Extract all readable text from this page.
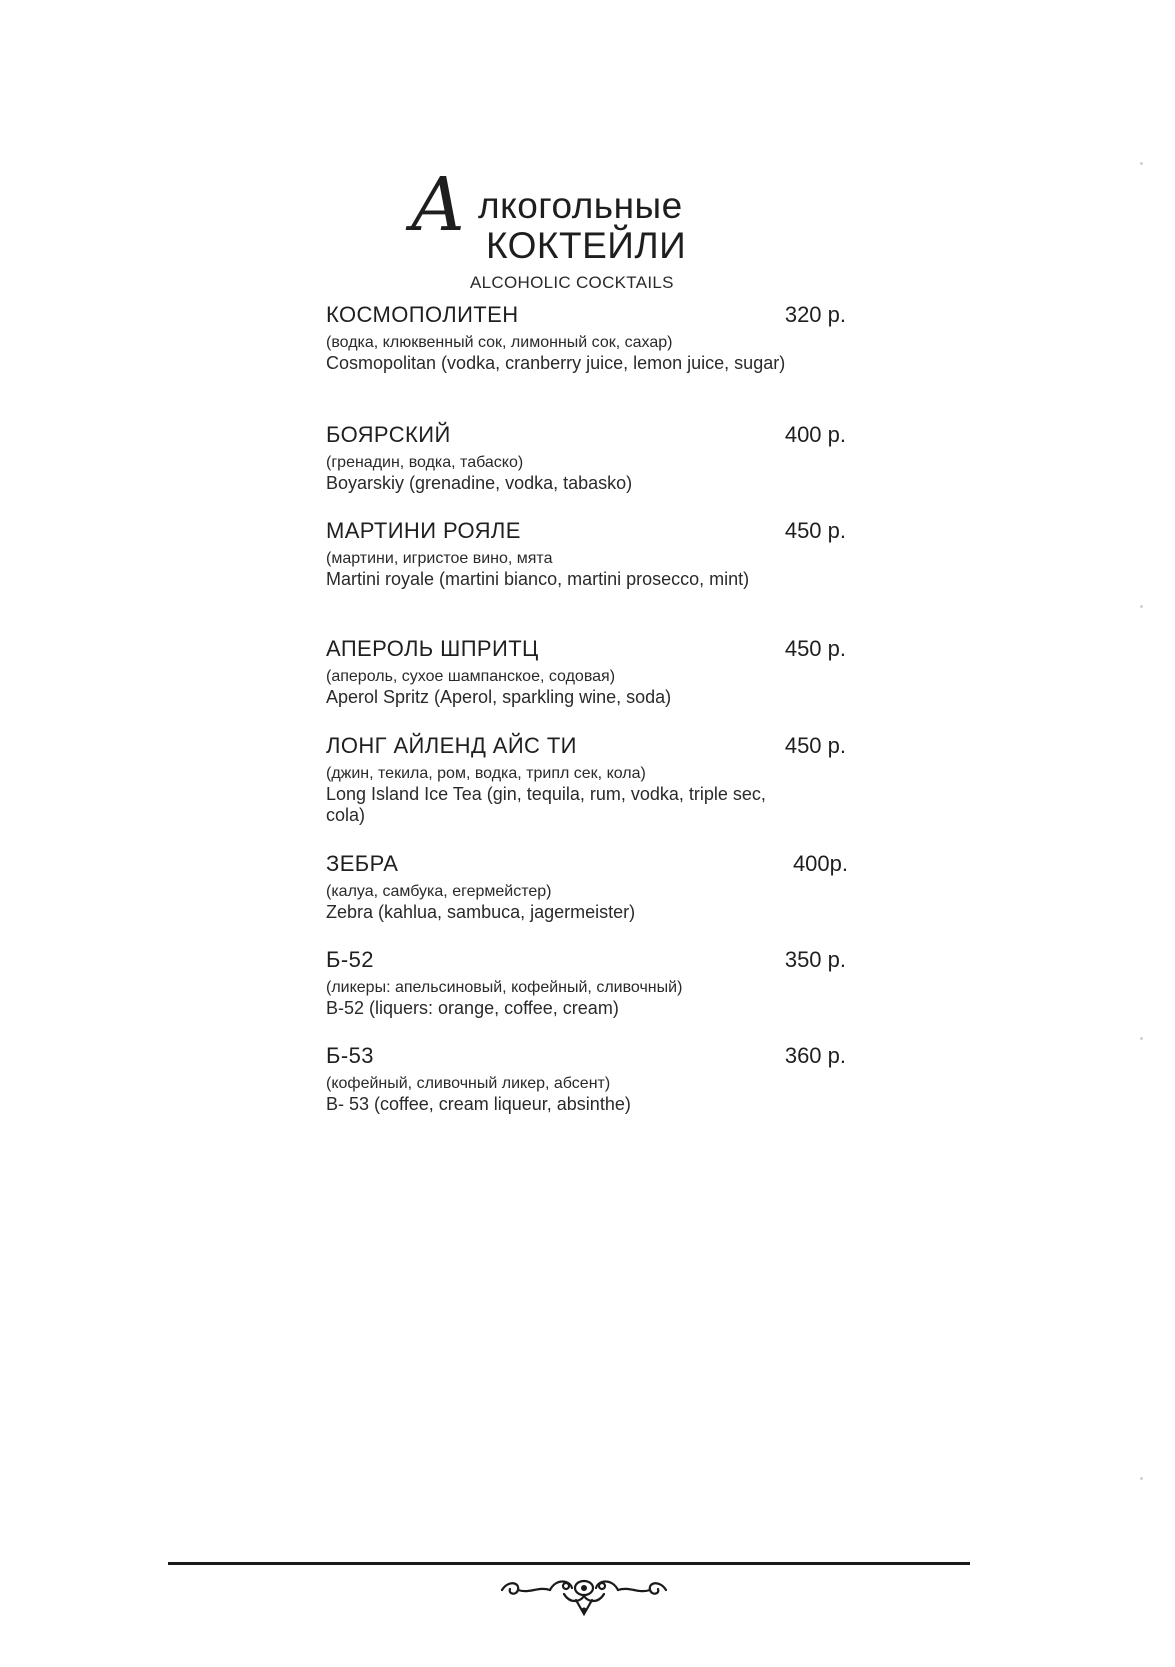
А лкогольные
КОКТЕЙЛИ
ALCOHOLIC COCKTAILS
КОСМОПОЛИТЕН	320 р.
(водка, клюквенный сок, лимонный сок, сахар)
Cosmopolitan (vodka, cranberry juice, lemon juice, sugar)
БОЯРСКИЙ	400 р.
(гренадин, водка, табаско)
Boyarskiy (grenadine, vodka, tabasko)
МАРТИНИ РОЯЛЕ	450 р.
(мартини, игристое вино, мята
Martini royale (martini bianco, martini prosecco, mint)
АПЕРОЛЬ ШПРИТЦ	450 р.
(апероль, сухое шампанское, содовая)
Aperol Spritz (Aperol, sparkling wine, soda)
ЛОНГ АЙЛЕНД АЙС ТИ	450 р.
(джин, текила, ром, водка, трипл сек, кола)
Long Island Ice Tea (gin, tequila, rum, vodka, triple sec, cola)
ЗЕБРА	400р.
(калуа, самбука, егермейстер)
Zebra (kahlua, sambuca, jagermeister)
Б-52	350 р.
(ликеры: апельсиновый, кофейный, сливочный)
B-52 (liquers: orange, coffee, cream)
Б-53	360 р.
(кофейный, сливочный ликер, абсент)
B- 53 (coffee, cream liqueur, absinthe)
